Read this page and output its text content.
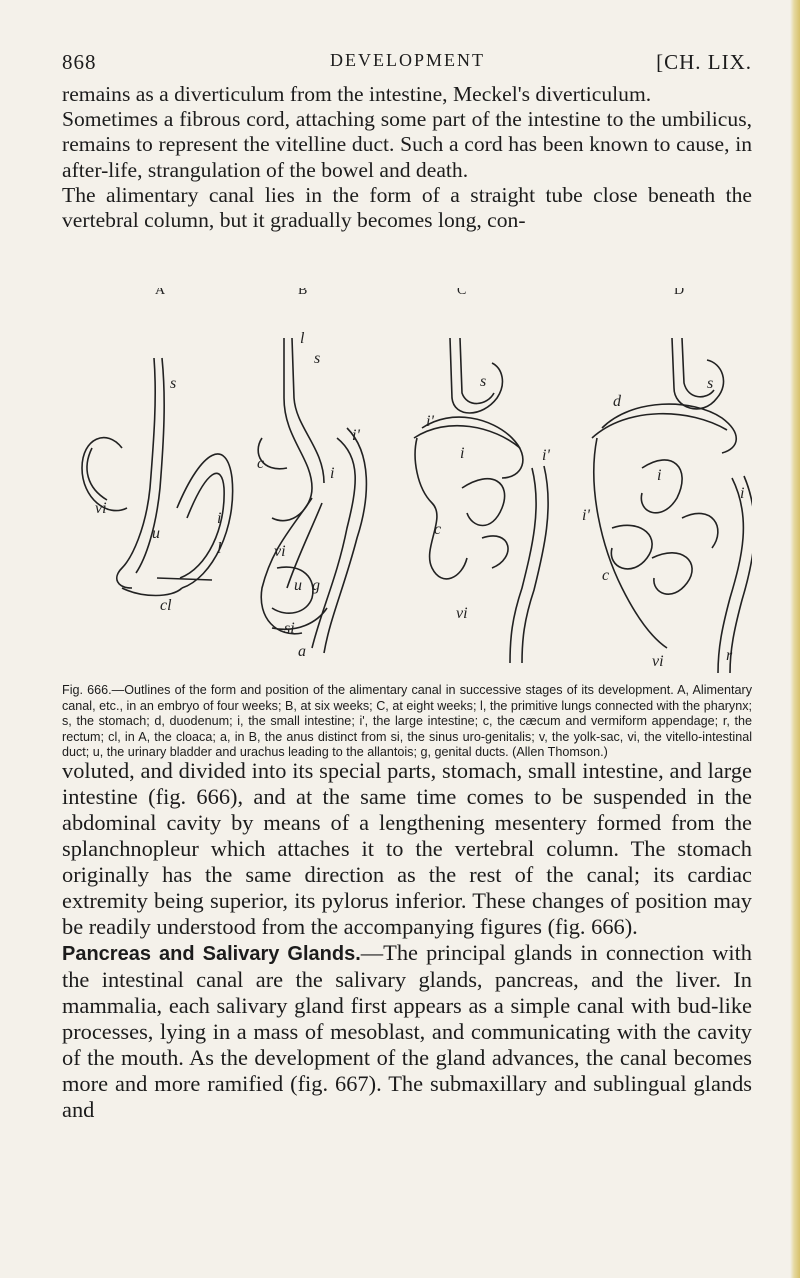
868	DEVELOPMENT	[CH. LIX.

remains as a diverticulum from the intestine, Meckel's diverticulum.

Sometimes a fibrous cord, attaching some part of the intestine to the umbilicus, remains to represent the vitelline duct. Such a cord has been known to cause, in after-life, strangulation of the bowel and death.

The alimentary canal lies in the form of a straight tube close beneath the vertebral column, but it gradually becomes long, con-

A	B	C	D
s
vi
u
i
cl
l
s
l
c
i
vi
u g
si
a
i'
s
i
i'
c
vi
i'
s
d
i
i'
c
vi	r
i
Fig. 666.—Outlines of the form and position of the alimentary canal in successive stages of its development. A, Alimentary canal, etc., in an embryo of four weeks; B, at six weeks; C, at eight weeks; l, the primitive lungs connected with the pharynx; s, the stomach; d, duodenum; i, the small intestine; i', the large intestine; c, the cæcum and vermiform appendage; r, the rectum; cl, in A, the cloaca; a, in B, the anus distinct from si, the sinus uro-genitalis; v, the yolk-sac, vi, the vitello-intestinal duct; u, the urinary bladder and urachus leading to the allantois; g, genital ducts. (Allen Thomson.)

voluted, and divided into its special parts, stomach, small intestine, and large intestine (fig. 666), and at the same time comes to be suspended in the abdominal cavity by means of a lengthening mesentery formed from the splanchnopleur which attaches it to the vertebral column. The stomach originally has the same direction as the rest of the canal; its cardiac extremity being superior, its pylorus inferior. These changes of position may be readily understood from the accompanying figures (fig. 666).

Pancreas and Salivary Glands.—The principal glands in connection with the intestinal canal are the salivary glands, pancreas, and the liver. In mammalia, each salivary gland first appears as a simple canal with bud-like processes, lying in a mass of mesoblast, and communicating with the cavity of the mouth. As the development of the gland advances, the canal becomes more and more ramified (fig. 667). The submaxillary and sublingual glands and
